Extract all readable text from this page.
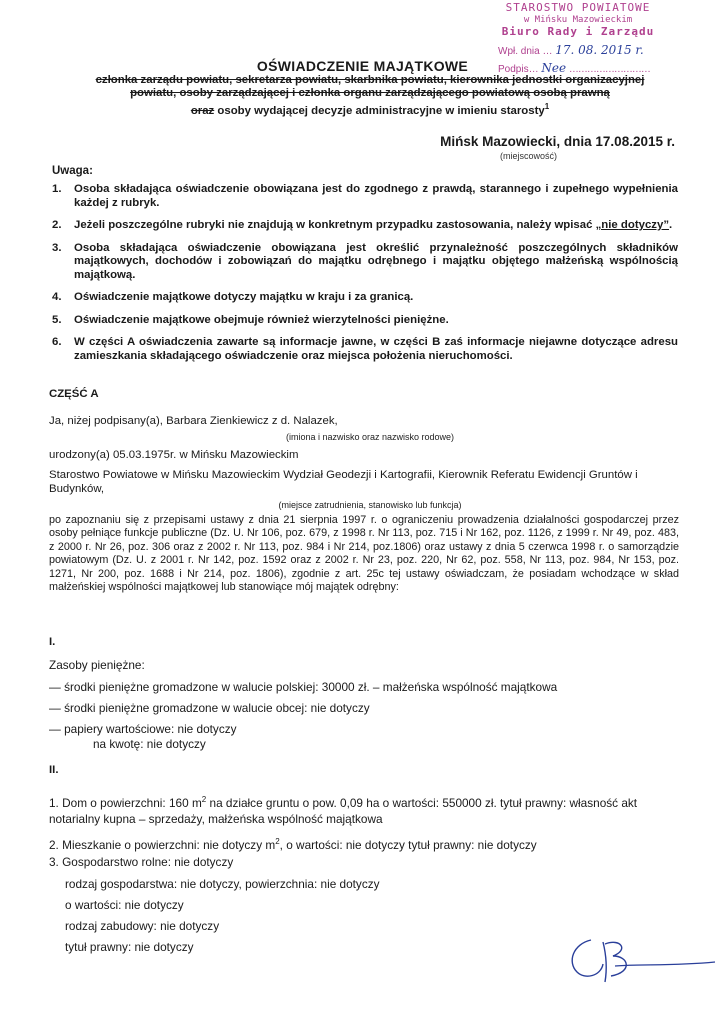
STAROSTWO POWIATOWE
w Mińsku Mazowieckim
Biuro Rady i Zarządu
Wpł. dnia … 17. 08. 2015 r.
Podpis… Nee ………………………
OŚWIADCZENIE MAJĄTKOWE
członka zarządu powiatu, sekretarza powiatu, skarbnika powiatu, kierownika jednostki organizacyjnej
powiatu, osoby zarządzającej i członka organu zarządzającego powiatową osobą prawną
oraz osoby wydającej decyzje administracyjne w imieniu starosty$^1$
Mińsk Mazowiecki, dnia 17.08.2015 r.
(miejscowość)
Uwaga:
1. Osoba składająca oświadczenie obowiązana jest do zgodnego z prawdą, starannego i zupełnego wypełnienia każdej z rubryk.
2. Jeżeli poszczególne rubryki nie znajdują w konkretnym przypadku zastosowania, należy wpisać „nie dotyczy”.
3. Osoba składająca oświadczenie obowiązana jest określić przynależność poszczególnych składników majątkowych, dochodów i zobowiązań do majątku odrębnego i majątku objętego małżeńską wspólnością majątkową.
4. Oświadczenie majątkowe dotyczy majątku w kraju i za granicą.
5. Oświadczenie majątkowe obejmuje również wierzytelności pieniężne.
6. W części A oświadczenia zawarte są informacje jawne, w części B zaś informacje niejawne dotyczące adresu zamieszkania składającego oświadczenie oraz miejsca położenia nieruchomości.
CZĘŚĆ A
Ja, niżej podpisany(a), Barbara Zienkiewicz z d. Nalazek,
(imiona i nazwisko oraz nazwisko rodowe)
urodzony(a) 05.03.1975r. w Mińsku Mazowieckim
Starostwo Powiatowe w Mińsku Mazowieckim Wydział Geodezji i Kartografii, Kierownik Referatu Ewidencji Gruntów i Budynków,
(miejsce zatrudnienia, stanowisko lub funkcja)
po zapoznaniu się z przepisami ustawy z dnia 21 sierpnia 1997 r. o ograniczeniu prowadzenia działalności gospodarczej przez osoby pełniące funkcje publiczne (Dz. U. Nr 106, poz. 679, z 1998 r. Nr 113, poz. 715 i Nr 162, poz. 1126, z 1999 r. Nr 49, poz. 483, z 2000 r. Nr 26, poz. 306 oraz z 2002 r. Nr 113, poz. 984 i Nr 214, poz.1806) oraz ustawy z dnia 5 czerwca 1998 r. o samorządzie powiatowym (Dz. U. z 2001 r. Nr 142, poz. 1592 oraz z 2002 r. Nr 23, poz. 220, Nr 62, poz. 558, Nr 113, poz. 984, Nr 153, poz. 1271, Nr 200, poz. 1688 i Nr 214, poz. 1806), zgodnie z art. 25c tej ustawy oświadczam, że posiadam wchodzące w skład małżeńskiej wspólności majątkowej lub stanowiące mój majątek odrębny:
I.
Zasoby pieniężne:
— środki pieniężne gromadzone w walucie polskiej: 30000 zł. – małżeńska wspólność majątkowa
— środki pieniężne gromadzone w walucie obcej: nie dotyczy
— papiery wartościowe: nie dotyczy
na kwotę: nie dotyczy
II.
1. Dom o powierzchni: 160 $m^2$ na działce gruntu o pow. 0,09 ha o wartości: 550000 zł. tytuł prawny: własność akt
notarialny kupna – sprzedaży, małżeńska wspólność majątkowa
2. Mieszkanie o powierzchni: nie dotyczy $m^2$, o wartości: nie dotyczy tytuł prawny: nie dotyczy
3. Gospodarstwo rolne: nie dotyczy
rodzaj gospodarstwa: nie dotyczy, powierzchnia: nie dotyczy
o wartości: nie dotyczy
rodzaj zabudowy: nie dotyczy
tytuł prawny: nie dotyczy
